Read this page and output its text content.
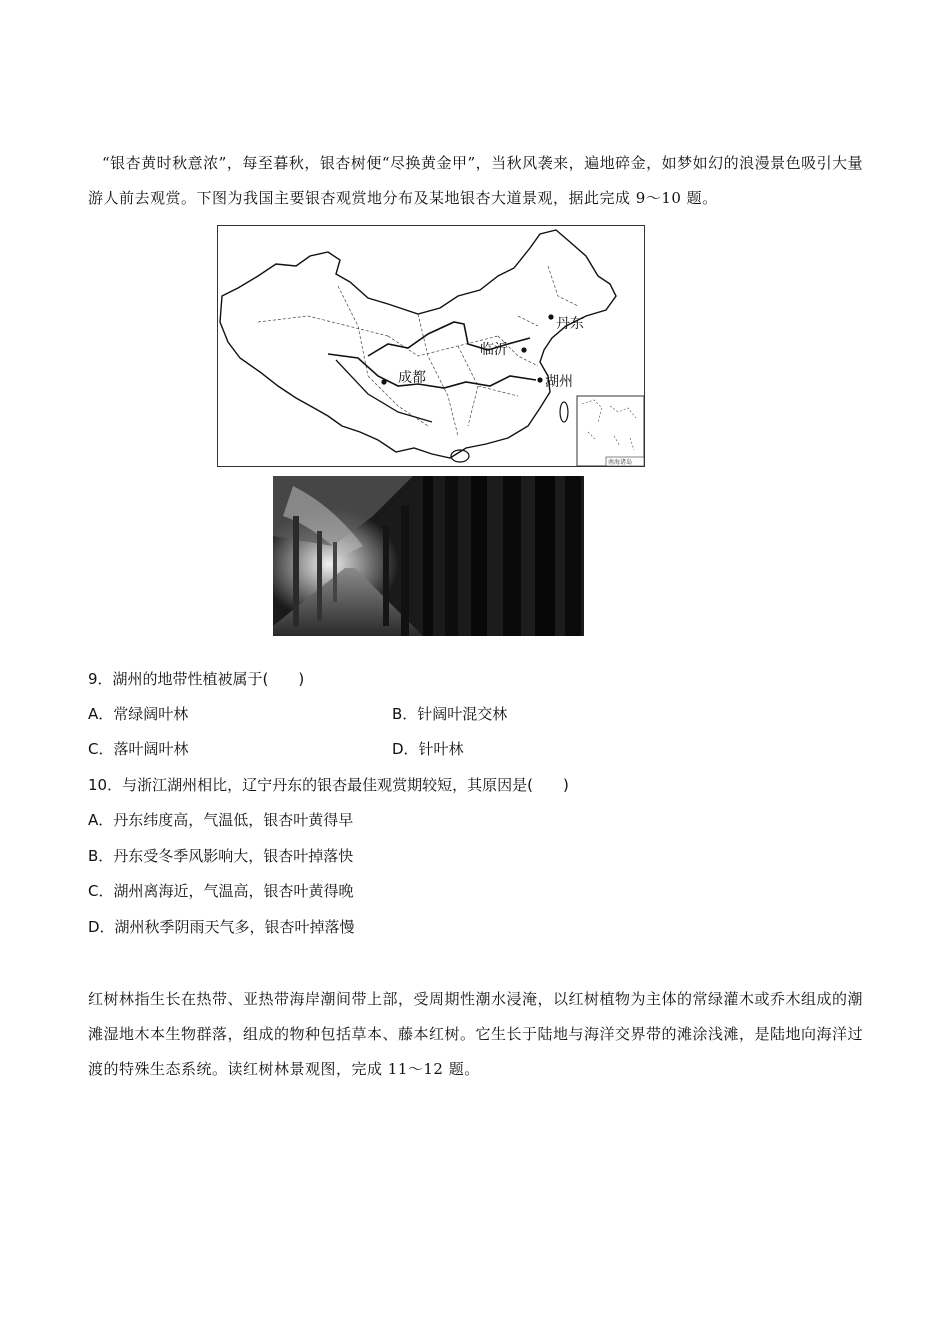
“银杏黄时秋意浓”，每至暮秋，银杏树便“尽换黄金甲”，当秋风袭来，遍地碎金，如梦如幻的浪漫景色吸引大量游人前去观赏。下图为我国主要银杏观赏地分布及某地银杏大道景观，据此完成 9～10 题。
丹东
临沂
成都	湖州
南海诸岛
9．湖州的地带性植被属于(　　)
A．常绿阔叶林	B．针阔叶混交林
C．落叶阔叶林	D．针叶林
10．与浙江湖州相比，辽宁丹东的银杏最佳观赏期较短，其原因是(　　)
A．丹东纬度高，气温低，银杏叶黄得早
B．丹东受冬季风影响大，银杏叶掉落快
C．湖州离海近，气温高，银杏叶黄得晚
D．湖州秋季阴雨天气多，银杏叶掉落慢
红树林指生长在热带、亚热带海岸潮间带上部，受周期性潮水浸淹，以红树植物为主体的常绿灌木或乔木组成的潮滩湿地木本生物群落，组成的物种包括草本、藤本红树。它生长于陆地与海洋交界带的滩涂浅滩，是陆地向海洋过渡的特殊生态系统。读红树林景观图，完成 11～12 题。
